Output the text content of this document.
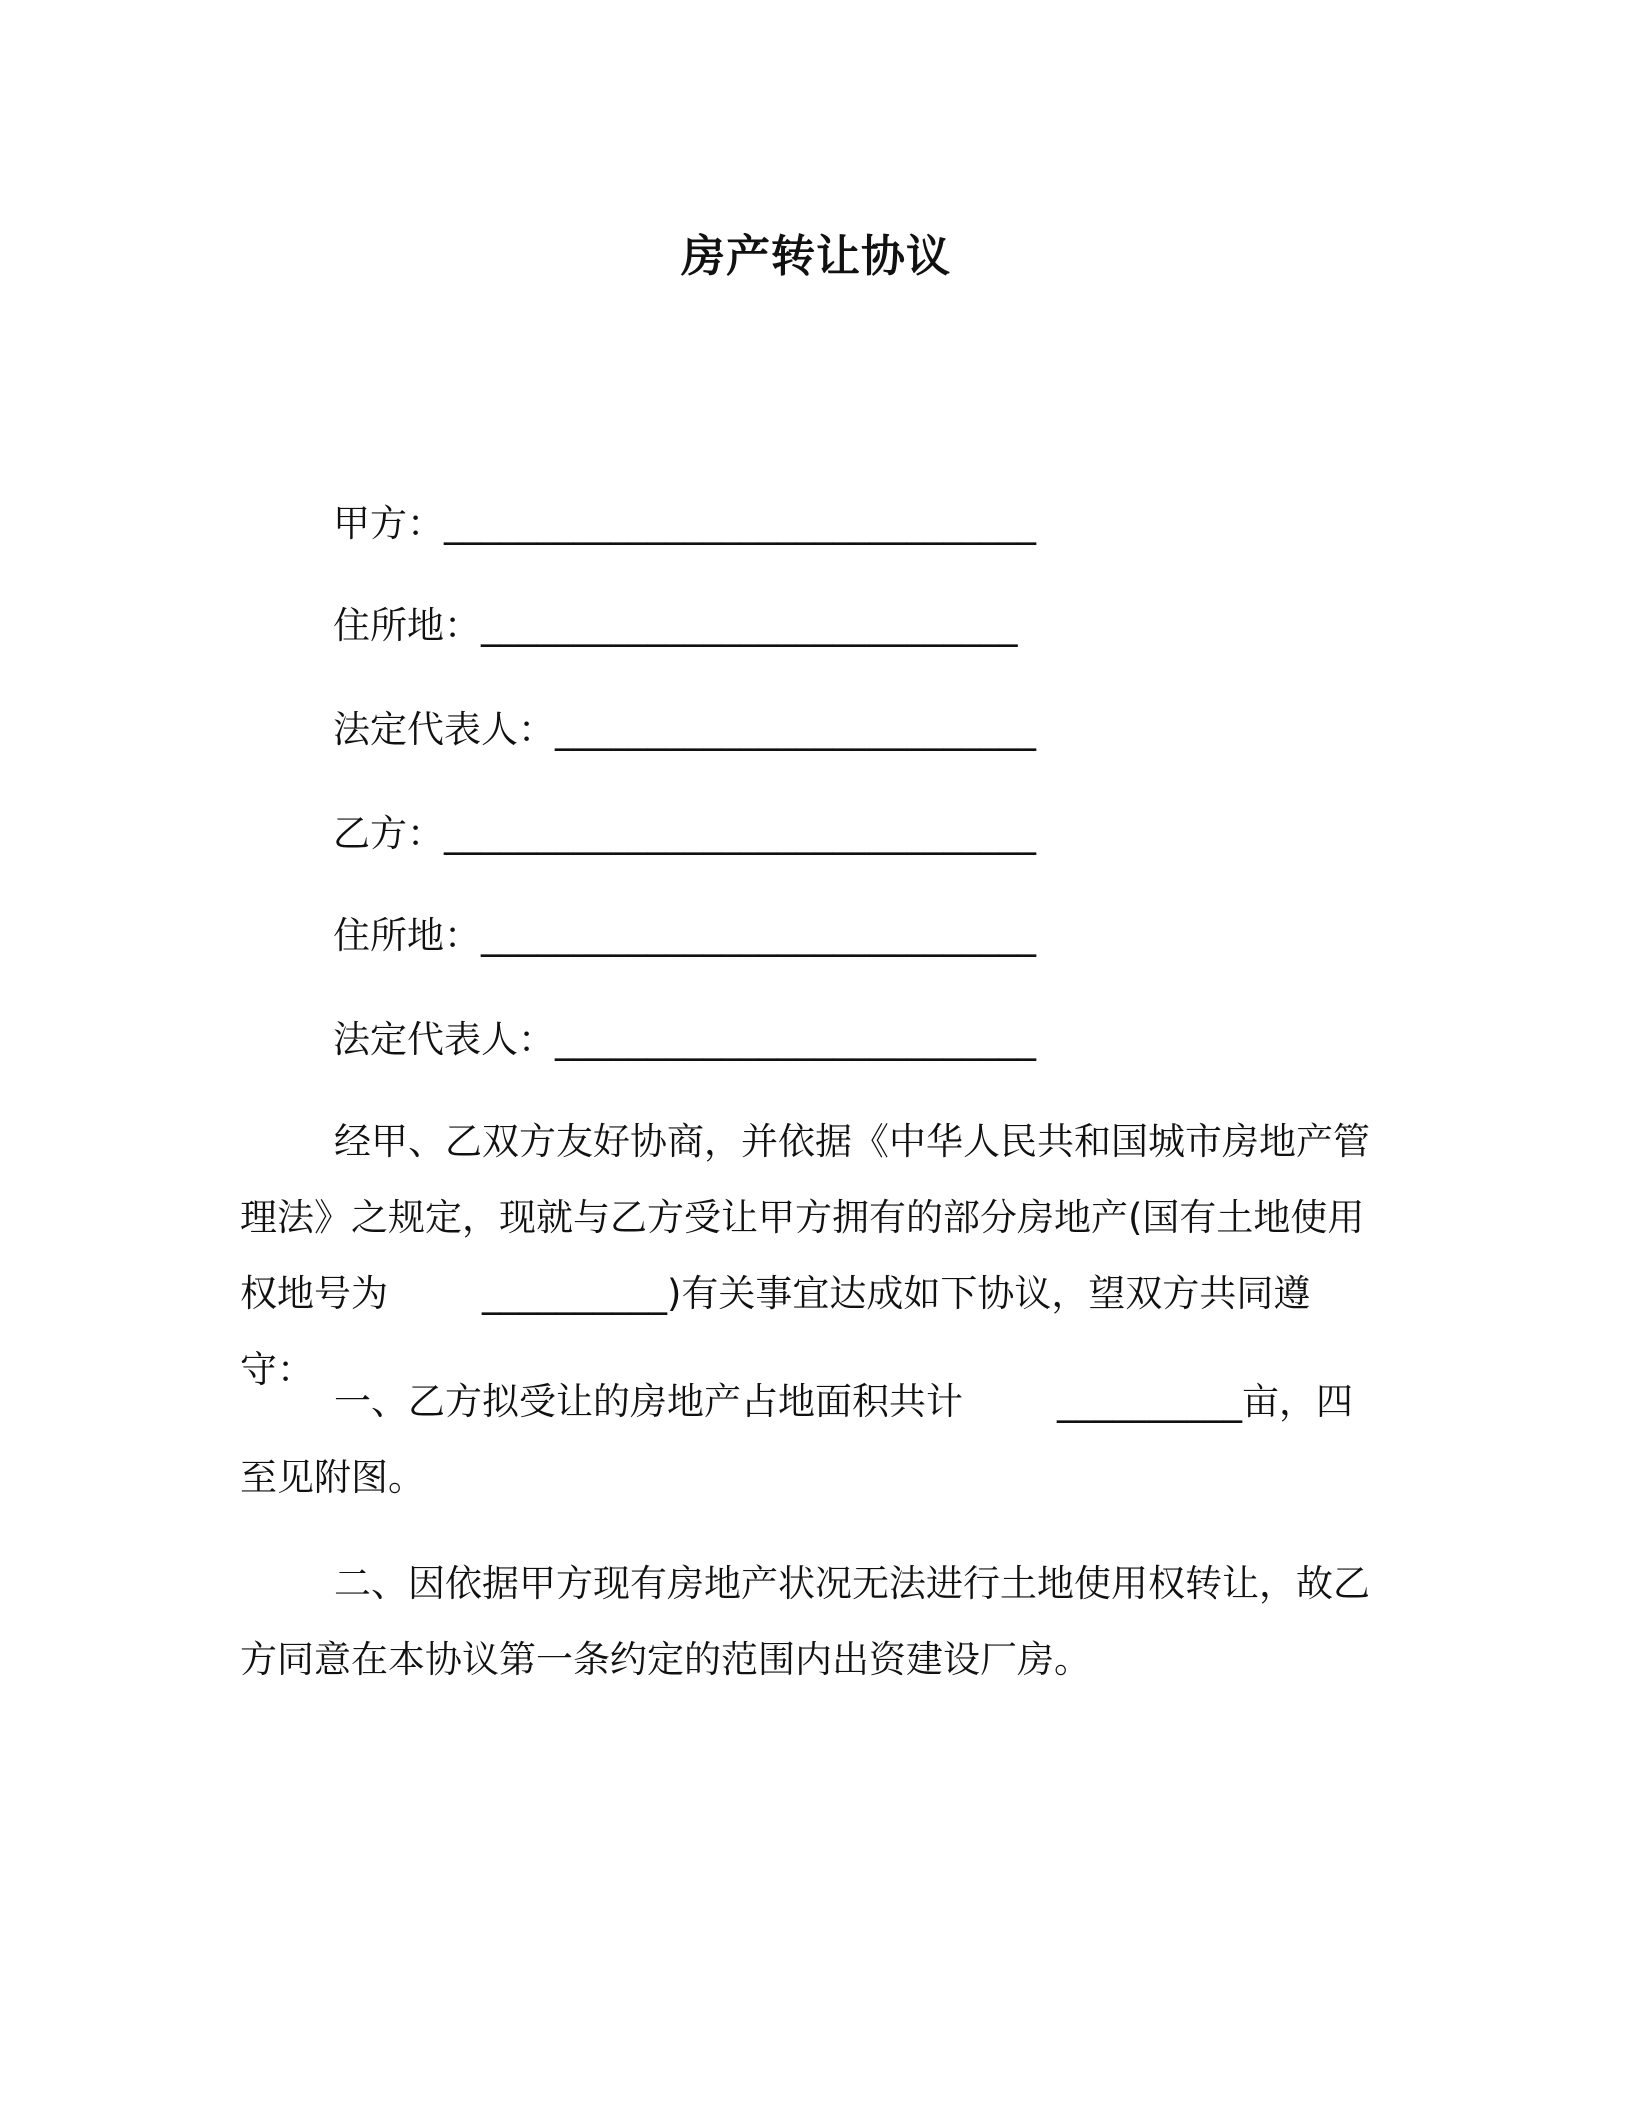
房产转让协议

甲方：________________________________

住所地：_____________________________

法定代表人：__________________________

乙方：________________________________

住所地：______________________________

法定代表人：__________________________

经甲、乙双方友好协商，并依据《中华人民共和国城市房地产管理法》之规定，现就与乙方受让甲方拥有的部分房地产(国有土地使用权地号为	__________)有关事宜达成如下协议，望双方共同遵守：

一、乙方拟受让的房地产占地面积共计	__________亩，四至见附图。

二、因依据甲方现有房地产状况无法进行土地使用权转让，故乙方同意在本协议第一条约定的范围内出资建设厂房。
